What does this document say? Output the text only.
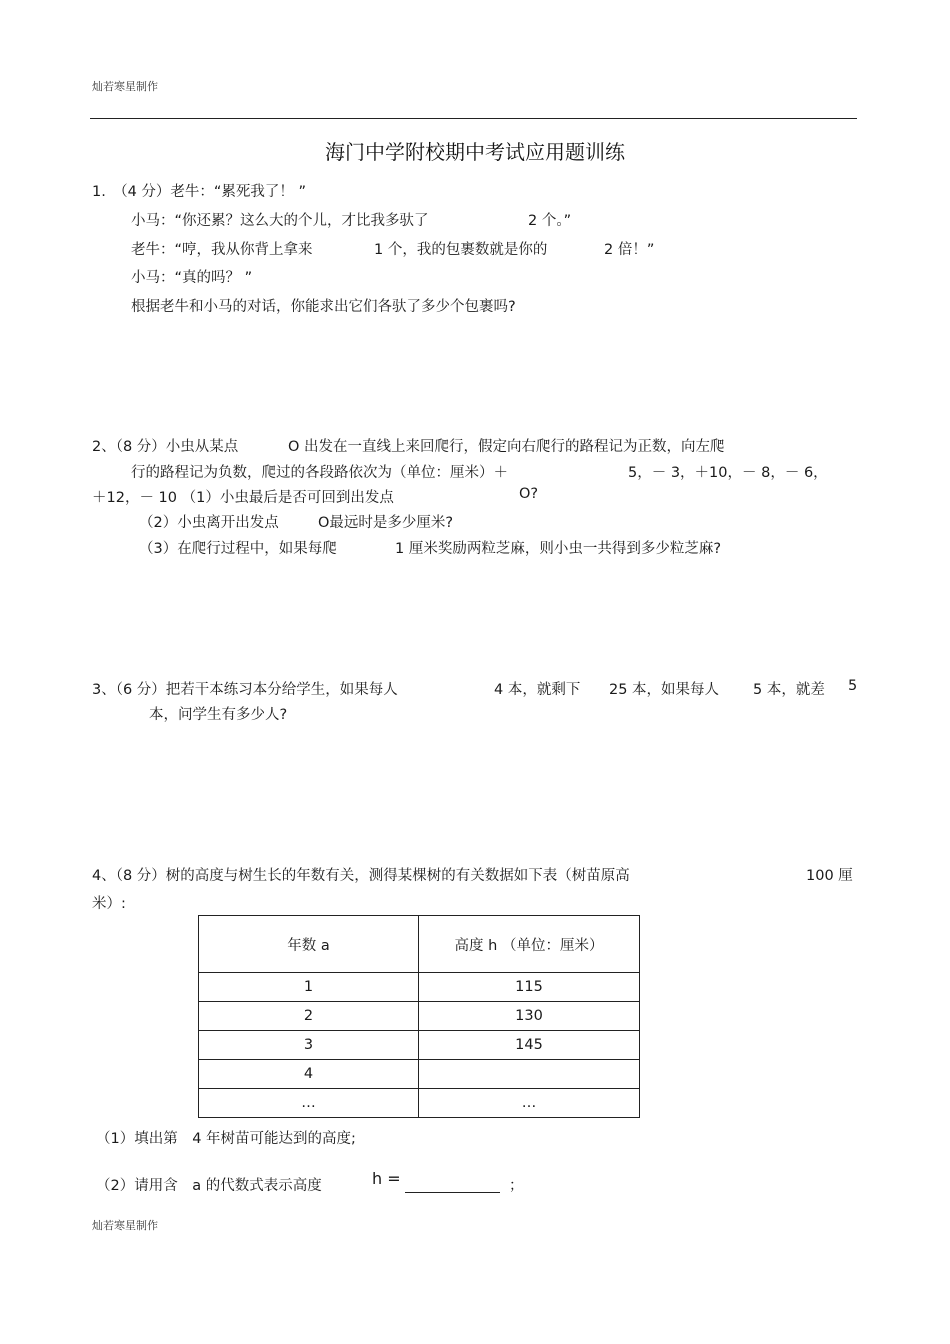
灿若寒星制作
海门中学附校期中考试应用题训练
1.　（4 分）老牛：“累死我了！ ”
小马：“你还累？这么大的个儿，才比我多驮了	2 个。”
老牛：“哼，我从你背上拿来	1 个，我的包裹数就是你的	2 倍！”
小马：“真的吗？ ”
根据老牛和小马的对话，你能求出它们各驮了多少个包裹吗?
2、（8 分）小虫从某点	O 出发在一直线上来回爬行，假定向右爬行的路程记为正数，向左爬
行的路程记为负数，爬过的各段路依次为（单位：厘米）＋	5，－ 3，＋10，－ 8，－ 6，
＋12，－ 10 （1）小虫最后是否可回到出发点	O?
（2）小虫离开出发点	O最远时是多少厘米?
（3）在爬行过程中，如果每爬	1 厘米奖励两粒芝麻，则小虫一共得到多少粒芝麻?
3、（6 分）把若干本练习本分给学生，如果每人	4 本，就剩下 25 本，如果每人 5 本，就差 5
本，问学生有多少人?
4、（8 分）树的高度与树生长的年数有关，测得某棵树的有关数据如下表（树苗原高	100 厘
米）:
年数 a	高度 h （单位：厘米）
1	115
2	130
3	145
4	
…	…
（1）填出第　4 年树苗可能达到的高度;
（2）请用含　a 的代数式表示高度	h =	；
灿若寒星制作
